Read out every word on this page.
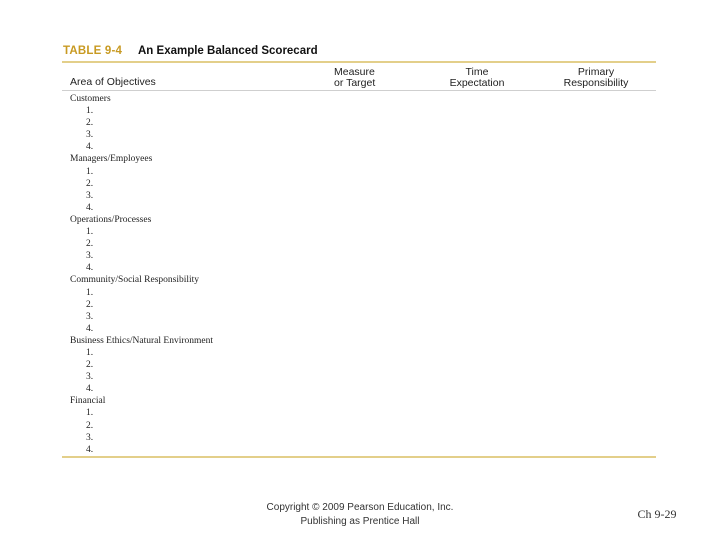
TABLE 9-4 An Example Balanced Scorecard
Area of Objectives
Measure
or Target
Time
Expectation
Primary
Responsibility
Customers
1.
2.
3.
4.
Managers/Employees
1.
2.
3.
4.
Operations/Processes
1.
2.
3.
4.
Community/Social Responsibility
1.
2.
3.
4.
Business Ethics/Natural Environment
1.
2.
3.
4.
Financial
1.
2.
3.
4.
Copyright © 2009 Pearson Education, Inc.
Publishing as Prentice Hall
Ch 9-29
